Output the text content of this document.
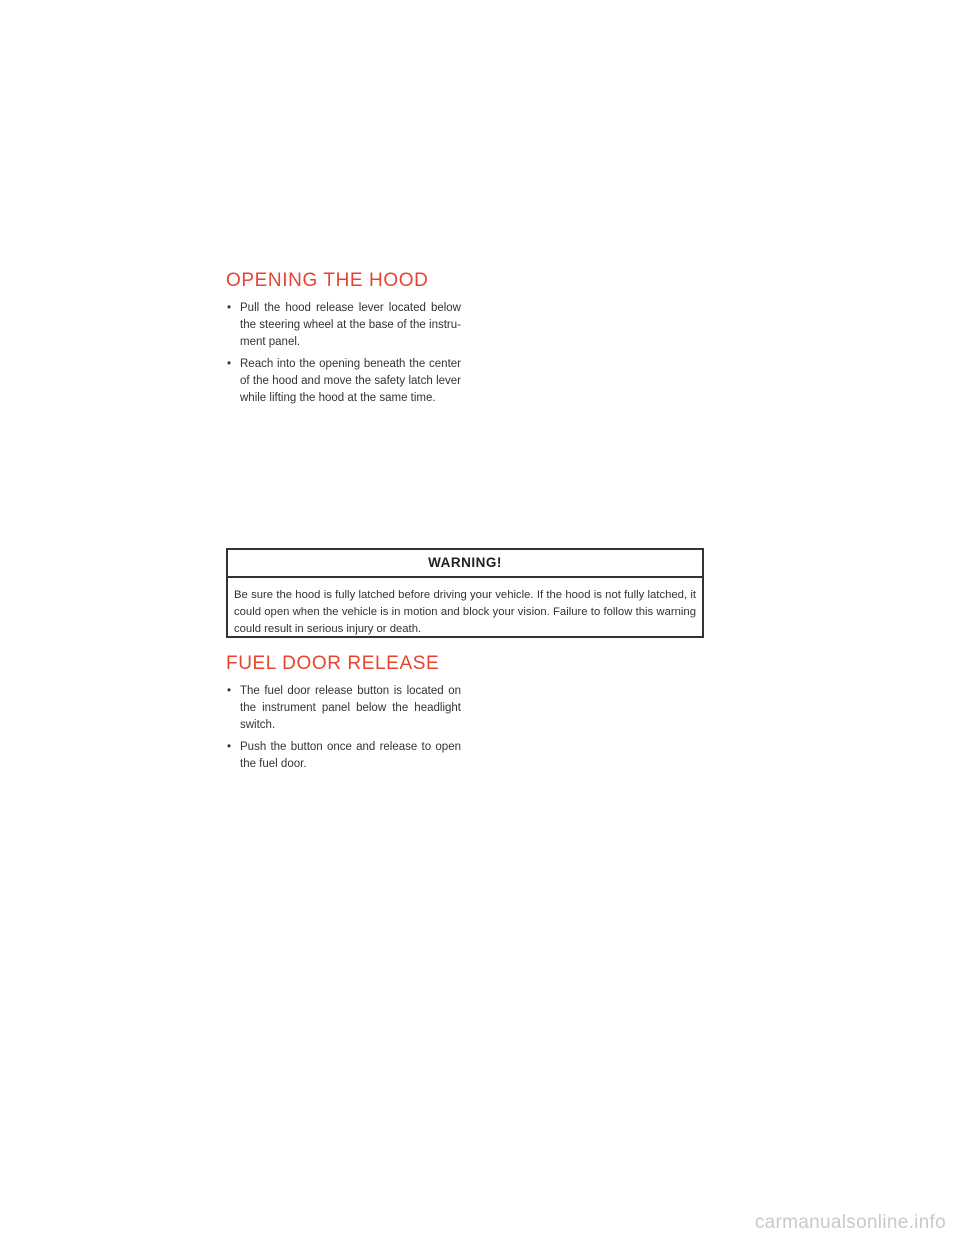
OPENING THE HOOD
• Pull the hood release lever located below the steering wheel at the base of the instru-ment panel.
• Reach into the opening beneath the center of the hood and move the safety latch lever while lifting the hood at the same time.
WARNING!
Be sure the hood is fully latched before driving your vehicle. If the hood is not fully latched, it could open when the vehicle is in motion and block your vision. Failure to follow this warning could result in serious injury or death.
FUEL DOOR RELEASE
• The fuel door release button is located on the instrument panel below the headlight switch.
• Push the button once and release to open the fuel door.
carmanualsonline.info
